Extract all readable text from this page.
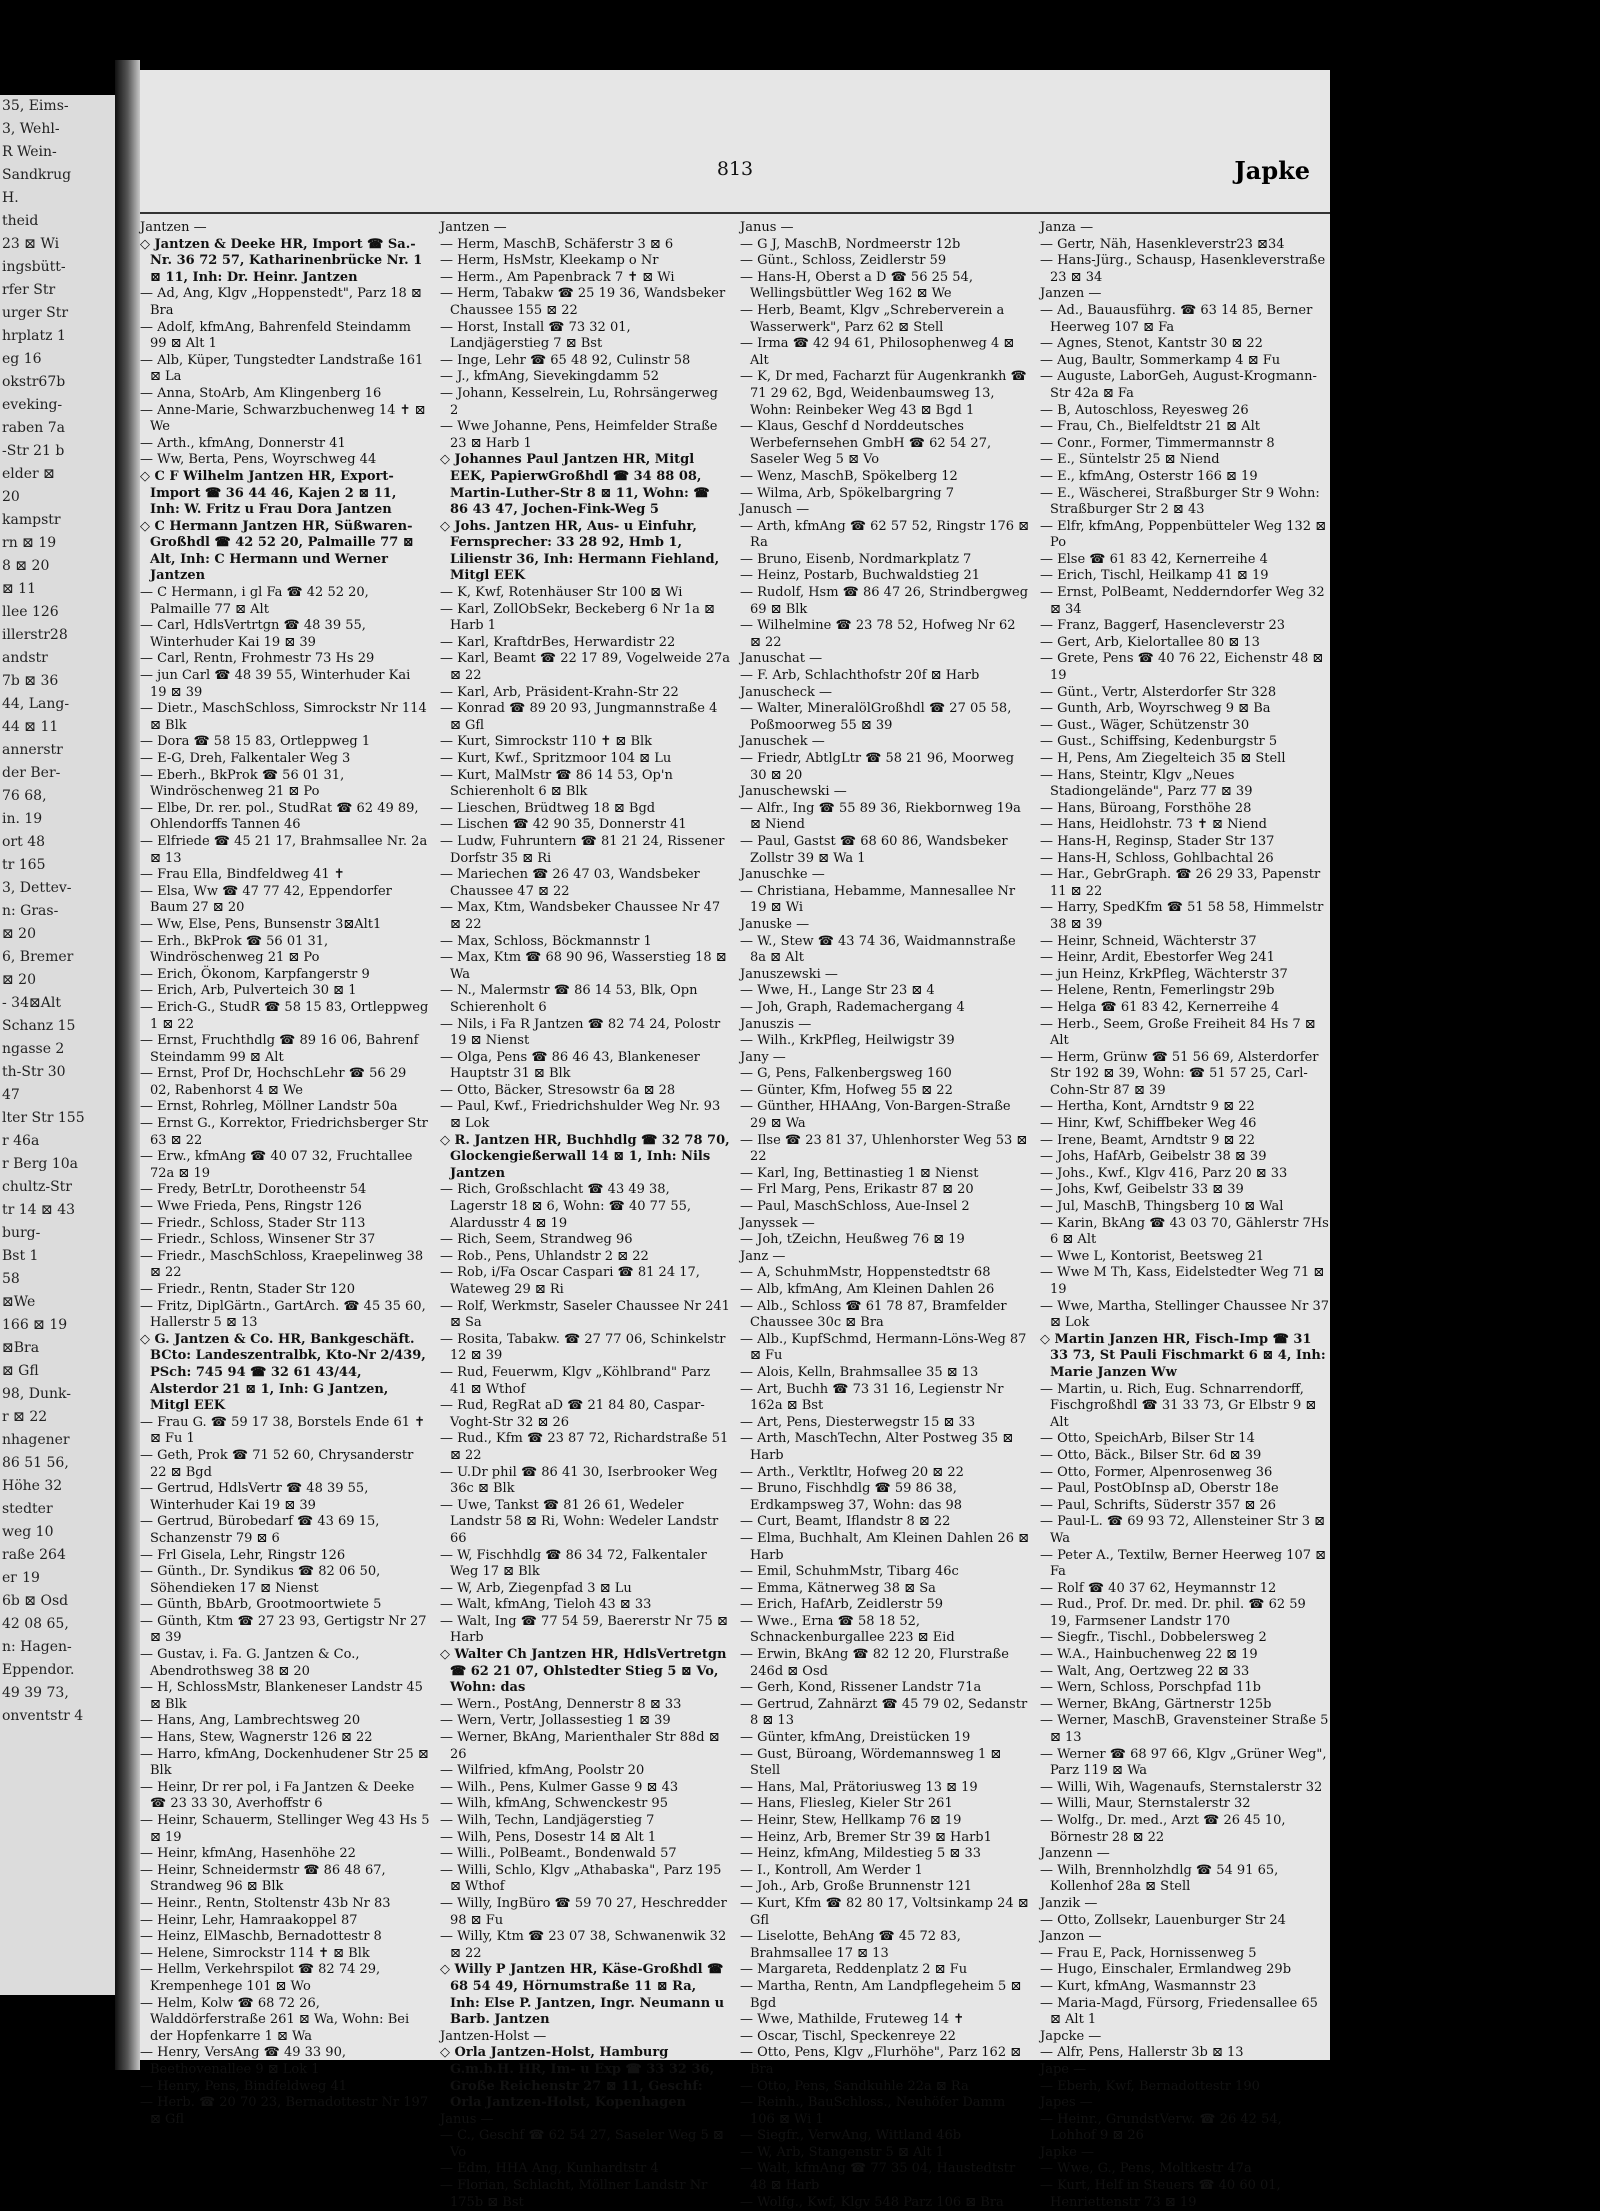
35, Eims-
3, Wehl-
R Wein-
Sandkrug
H.
theid
23 ⊠ Wi
ingsbütt-
rfer Str
urger Str
hrplatz 1
eg 16
okstr67b
eveking-
raben 7a
-Str 21 b
elder ⊠
20
kampstr
rn ⊠ 19
8 ⊠ 20
⊠ 11
llee 126
illerstr28
andstr
7b ⊠ 36
44, Lang-
44 ⊠ 11
annerstr
der Ber-
76 68,
in. 19
ort 48
tr 165
3, Dettev-
n: Gras-
⊠ 20
6, Bremer
⊠ 20
- 34⊠Alt
Schanz 15
ngasse 2
th-Str 30
47
lter Str 155
r 46a
r Berg 10a
chultz-Str
tr 14 ⊠ 43
burg-
Bst 1
58
⊠We
166 ⊠ 19
⊠Bra
⊠ Gfl
98, Dunk-
r ⊠ 22
nhagener
86 51 56,
Höhe 32
stedter
weg 10
raße 264
ег 19
6b ⊠ Osd
42 08 65,
n: Hagen-
Eppendor.
49 39 73,
onventstr 4
813	Japke
Jantzen —
◇ Jantzen & Deeke HR, Import ☎ Sa.-Nr. 36 72 57, Katharinenbrücke Nr. 1 ⊠ 11, Inh: Dr. Heinr. Jantzen
— Ad, Ang, Klgv „Hoppenstedt", Parz 18 ⊠ Bra
— Adolf, kfmAng, Bahrenfeld Steindamm 99 ⊠ Alt 1
— Alb, Küper, Tungstedter Landstraße 161 ⊠ La
— Anna, StoArb, Am Klingenberg 16
— Anne-Marie, Schwarzbuchenweg 14 ✝ ⊠ We
— Arth., kfmAng, Donnerstr 41
— Ww, Berta, Pens, Woyrschweg 44
◇ C F Wilhelm Jantzen HR, Export-Import ☎ 36 44 46, Kajen 2 ⊠ 11, Inh: W. Fritz u Frau Dora Jantzen
◇ C Hermann Jantzen HR, Süßwaren-Großhdl ☎ 42 52 20, Palmaille 77 ⊠ Alt, Inh: C Hermann und Werner Jantzen
— C Hermann, i gl Fa ☎ 42 52 20, Palmaille 77 ⊠ Alt
— Carl, HdlsVertrtgn ☎ 48 39 55, Winterhuder Kai 19 ⊠ 39
— Carl, Rentn, Frohmestr 73 Hs 29
— jun Carl ☎ 48 39 55, Winterhuder Kai 19 ⊠ 39
— Dietr., MaschSchloss, Simrockstr Nr 114 ⊠ Blk
— Dora ☎ 58 15 83, Ortleppweg 1
— E-G, Dreh, Falkentaler Weg 3
— Eberh., BkProk ☎ 56 01 31, Windröschenweg 21 ⊠ Po
— Elbe, Dr. rer. pol., StudRat ☎ 62 49 89, Ohlendorffs Tannen 46
— Elfriede ☎ 45 21 17, Brahmsallee Nr. 2a ⊠ 13
— Frau Ella, Bindfeldweg 41 ✝
— Elsa, Ww ☎ 47 77 42, Eppendorfer Baum 27 ⊠ 20
— Ww, Else, Pens, Bunsenstr 3⊠Alt1
— Erh., BkProk ☎ 56 01 31, Windröschenweg 21 ⊠ Po
— Erich, Ökonom, Karpfangerstr 9
— Erich, Arb, Pulverteich 30 ⊠ 1
— Erich-G., StudR ☎ 58 15 83, Ortleppweg 1 ⊠ 22
— Ernst, Fruchthdlg ☎ 89 16 06, Bahrenf Steindamm 99 ⊠ Alt
— Ernst, Prof Dr, HochschLehr ☎ 56 29 02, Rabenhorst 4 ⊠ We
— Ernst, Rohrleg, Möllner Landstr 50a
— Ernst G., Korrektor, Friedrichsberger Str 63 ⊠ 22
— Erw., kfmAng ☎ 40 07 32, Fruchtallee 72a ⊠ 19
— Fredy, BetrLtr, Dorotheenstr 54
— Wwe Frieda, Pens, Ringstr 126
— Friedr., Schloss, Stader Str 113
— Friedr., Schloss, Winsener Str 37
— Friedr., MaschSchloss, Kraepelinweg 38 ⊠ 22
— Friedr., Rentn, Stader Str 120
— Fritz, DiplGärtn., GartArch. ☎ 45 35 60, Hallerstr 5 ⊠ 13
◇ G. Jantzen & Co. HR, Bankgeschäft. BCto: Landeszentralbk, Kto-Nr 2/439, PSch: 745 94 ☎ 32 61 43/44, Alsterdor 21 ⊠ 1, Inh: G Jantzen, Mitgl EEK
— Frau G. ☎ 59 17 38, Borstels Ende 61 ✝ ⊠ Fu 1
— Geth, Prok ☎ 71 52 60, Chrysanderstr 22 ⊠ Bgd
— Gertrud, HdlsVertr ☎ 48 39 55, Winterhuder Kai 19 ⊠ 39
— Gertrud, Bürobedarf ☎ 43 69 15, Schanzenstr 79 ⊠ 6
— Frl Gisela, Lehr, Ringstr 126
— Günth., Dr. Syndikus ☎ 82 06 50, Söhendieken 17 ⊠ Nienst
— Günth, BbArb, Grootmoortwiete 5
— Günth, Ktm ☎ 27 23 93, Gertigstr Nr 27 ⊠ 39
— Gustav, i. Fa. G. Jantzen & Co., Abendrothsweg 38 ⊠ 20
— H, SchlossMstr, Blankeneser Landstr 45 ⊠ Blk
— Hans, Ang, Lambrechtsweg 20
— Hans, Stew, Wagnerstr 126 ⊠ 22
— Harro, kfmAng, Dockenhudener Str 25 ⊠ Blk
— Heinr, Dr rer pol, i Fa Jantzen & Deeke ☎ 23 33 30, Averhoffstr 6
— Heinr, Schauerm, Stellinger Weg 43 Hs 5 ⊠ 19
— Heinr, kfmAng, Hasenhöhe 22
— Heinr, Schneidermstr ☎ 86 48 67, Strandweg 96 ⊠ Blk
— Heinr., Rentn, Stoltenstr 43b Nr 83
— Heinr, Lehr, Hamraakoppel 87
— Heinz, ElMaschb, Bernadottestr 8
— Helene, Simrockstr 114 ✝ ⊠ Blk
— Hellm, Verkehrspilot ☎ 82 74 29, Krempenhege 101 ⊠ Wo
— Helm, Kolw ☎ 68 72 26, Walddörferstraße 261 ⊠ Wa, Wohn: Bei der Hopfenkarre 1 ⊠ Wa
— Henry, VersAng ☎ 49 33 90, Beethovenallee 9 ⊠ Lok 1
— Henry, Pens, Bindfeldweg 41
— Herb. ☎ 20 70 23, Bernadottestr Nr 197 ⊠ Gfl
Jantzen —
— Herm, MaschB, Schäferstr 3 ⊠ 6
— Herm, HsMstr, Kleekamp o Nr
— Herm., Am Papenbrack 7 ✝ ⊠ Wi
— Herm, Tabakw ☎ 25 19 36, Wandsbeker Chaussee 155 ⊠ 22
— Horst, Install ☎ 73 32 01, Landjägerstieg 7 ⊠ Bst
— Inge, Lehr ☎ 65 48 92, Culinstr 58
— J., kfmAng, Sievekingdamm 52
— Johann, Kesselrein, Lu, Rohrsängerweg 2
— Wwe Johanne, Pens, Heimfelder Straße 23 ⊠ Harb 1
◇ Johannes Paul Jantzen HR, Mitgl EEK, PapierwGroßhdl ☎ 34 88 08, Martin-Luther-Str 8 ⊠ 11, Wohn: ☎ 86 43 47, Jochen-Fink-Weg 5
◇ Johs. Jantzen HR, Aus- u Einfuhr, Fernsprecher: 33 28 92, Hmb 1, Lilienstr 36, Inh: Hermann Fiehland, Mitgl EEK
— K, Kwf, Rotenhäuser Str 100 ⊠ Wi
— Karl, ZollObSekr, Beckeberg 6 Nr 1a ⊠ Harb 1
— Karl, KraftdrBes, Herwardistr 22
— Karl, Beamt ☎ 22 17 89, Vogelweide 27a ⊠ 22
— Karl, Arb, Präsident-Krahn-Str 22
— Konrad ☎ 89 20 93, Jungmannstraße 4 ⊠ Gfl
— Kurt, Simrockstr 110 ✝ ⊠ Blk
— Kurt, Kwf., Spritzmoor 104 ⊠ Lu
— Kurt, MalMstr ☎ 86 14 53, Op'n Schierenholt 6 ⊠ Blk
— Lieschen, Brüdtweg 18 ⊠ Bgd
— Lischen ☎ 42 90 35, Donnerstr 41
— Ludw, Fuhruntern ☎ 81 21 24, Rissener Dorfstr 35 ⊠ Ri
— Mariechen ☎ 26 47 03, Wandsbeker Chaussee 47 ⊠ 22
— Max, Ktm, Wandsbeker Chaussee Nr 47 ⊠ 22
— Max, Schloss, Böckmannstr 1
— Max, Ktm ☎ 68 90 96, Wasserstieg 18 ⊠ Wa
— N., Malermstr ☎ 86 14 53, Blk, Opn Schierenholt 6
— Nils, i Fa R Jantzen ☎ 82 74 24, Polostr 19 ⊠ Nienst
— Olga, Pens ☎ 86 46 43, Blankeneser Hauptstr 31 ⊠ Blk
— Otto, Bäcker, Stresowstr 6a ⊠ 28
— Paul, Kwf., Friedrichshulder Weg Nr. 93 ⊠ Lok
◇ R. Jantzen HR, Buchhdlg ☎ 32 78 70, Glockengießerwall 14 ⊠ 1, Inh: Nils Jantzen
— Rich, Großschlacht ☎ 43 49 38, Lagerstr 18 ⊠ 6, Wohn: ☎ 40 77 55, Alardusstr 4 ⊠ 19
— Rich, Seem, Strandweg 96
— Rob., Pens, Uhlandstr 2 ⊠ 22
— Rob, i/Fa Oscar Caspari ☎ 81 24 17, Wateweg 29 ⊠ Ri
— Rolf, Werkmstr, Saseler Chaussee Nr 241 ⊠ Sa
— Rosita, Tabakw. ☎ 27 77 06, Schinkelstr 12 ⊠ 39
— Rud, Feuerwm, Klgv „Köhlbrand" Parz 41 ⊠ Wthof
— Rud, RegRat aD ☎ 21 84 80, Caspar-Voght-Str 32 ⊠ 26
— Rud., Kfm ☎ 23 87 72, Richardstraße 51 ⊠ 22
— U.Dr phil ☎ 86 41 30, Iserbrooker Weg 36c ⊠ Blk
— Uwe, Tankst ☎ 81 26 61, Wedeler Landstr 58 ⊠ Ri, Wohn: Wedeler Landstr 66
— W, Fischhdlg ☎ 86 34 72, Falkentaler Weg 17 ⊠ Blk
— W, Arb, Ziegenpfad 3 ⊠ Lu
— Walt, kfmAng, Tieloh 43 ⊠ 33
— Walt, Ing ☎ 77 54 59, Baererstr Nr 75 ⊠ Harb
◇ Walter Ch Jantzen HR, HdlsVertretgn ☎ 62 21 07, Ohlstedter Stieg 5 ⊠ Vo, Wohn: das
— Wern., PostAng, Dennerstr 8 ⊠ 33
— Wern, Vertr, Jollassestieg 1 ⊠ 39
— Werner, BkAng, Marienthaler Str 88d ⊠ 26
— Wilfried, kfmAng, Poolstr 20
— Wilh., Pens, Kulmer Gasse 9 ⊠ 43
— Wilh, kfmAng, Schwenckestr 95
— Wilh, Techn, Landjägerstieg 7
— Wilh, Pens, Dosestr 14 ⊠ Alt 1
— Willi., PolBeamt., Bondenwald 57
— Willi, Schlo, Klgv „Athabaska", Parz 195 ⊠ Wthof
— Willy, IngBüro ☎ 59 70 27, Heschredder 98 ⊠ Fu
— Willy, Ktm ☎ 23 07 38, Schwanenwik 32 ⊠ 22
◇ Willy P Jantzen HR, Käse-Großhdl ☎ 68 54 49, Hörnumstraße 11 ⊠ Ra, Inh: Else P. Jantzen, Ingr. Neumann u Barb. Jantzen
Jantzen-Holst —
◇ Orla Jantzen-Holst, Hamburg G.m.b.H. HR, Im- u Exp ☎ 33 32 36, Große Reichenstr 27 ⊠ 11, Geschf: Orla Jantzen-Holst, Kopenhagen
Janus —
— C., Geschf ☎ 62 54 27, Saseler Weg 5 ⊠ Vo
— Edm, HHA Ang, Kunhardtstr 4
— Florian, Schlacht, Möllner Landstr Nr 175b ⊠ Bst
Janus —
— G J, MaschB, Nordmeerstr 12b
— Günt., Schloss, Zeidlerstr 59
— Hans-H, Oberst a D ☎ 56 25 54, Wellingsbüttler Weg 162 ⊠ We
— Herb, Beamt, Klgv „Schreberverein a Wasserwerk", Parz 62 ⊠ Stell
— Irma ☎ 42 94 61, Philosophenweg 4 ⊠ Alt
— K, Dr med, Facharzt für Augenkrankh ☎ 71 29 62, Bgd, Weidenbaumsweg 13, Wohn: Reinbeker Weg 43 ⊠ Bgd 1
— Klaus, Geschf d Norddeutsches Werbefernsehen GmbH ☎ 62 54 27, Saseler Weg 5 ⊠ Vo
— Wenz, MaschB, Spökelberg 12
— Wilma, Arb, Spökelbargring 7
Janusch —
— Arth, kfmAng ☎ 62 57 52, Ringstr 176 ⊠ Ra
— Bruno, Eisenb, Nordmarkplatz 7
— Heinz, Postarb, Buchwaldstieg 21
— Rudolf, Hsm ☎ 86 47 26, Strindbergweg 69 ⊠ Blk
— Wilhelmine ☎ 23 78 52, Hofweg Nr 62 ⊠ 22
Januschat —
— F. Arb, Schlachthofstr 20f ⊠ Harb
Januscheck —
— Walter, MineralölGroßhdl ☎ 27 05 58, Poßmoorweg 55 ⊠ 39
Januschek —
— Friedr, AbtlgLtr ☎ 58 21 96, Moorweg 30 ⊠ 20
Januschewski —
— Alfr., Ing ☎ 55 89 36, Riekbornweg 19a ⊠ Niend
— Paul, Gastst ☎ 68 60 86, Wandsbeker Zollstr 39 ⊠ Wa 1
Januschke —
— Christiana, Hebamme, Mannesallee Nr 19 ⊠ Wi
Januske —
— W., Stew ☎ 43 74 36, Waidmannstraße 8a ⊠ Alt
Januszewski —
— Wwe, H., Lange Str 23 ⊠ 4
— Joh, Graph, Rademachergang 4
Januszis —
— Wilh., KrkPfleg, Heilwigstr 39
Jany —
— G, Pens, Falkenbergsweg 160
— Günter, Kfm, Hofweg 55 ⊠ 22
— Günther, HHAAng, Von-Bargen-Straße 29 ⊠ Wa
— Ilse ☎ 23 81 37, Uhlenhorster Weg 53 ⊠ 22
— Karl, Ing, Bettinastieg 1 ⊠ Nienst
— Frl Marg, Pens, Erikastr 87 ⊠ 20
— Paul, MaschSchloss, Aue-Insel 2
Janyssek —
— Joh, tZeichn, Heußweg 76 ⊠ 19
Janz —
— A, SchuhmMstr, Hoppenstedtstr 68
— Alb, kfmAng, Am Kleinen Dahlen 26
— Alb., Schloss ☎ 61 78 87, Bramfelder Chaussee 30c ⊠ Bra
— Alb., KupfSchmd, Hermann-Löns-Weg 87 ⊠ Fu
— Alois, Kelln, Brahmsallee 35 ⊠ 13
— Art, Buchh ☎ 73 31 16, Legienstr Nr 162a ⊠ Bst
— Art, Pens, Diesterwegstr 15 ⊠ 33
— Arth, MaschTechn, Alter Postweg 35 ⊠ Harb
— Arth., Verktltr, Hofweg 20 ⊠ 22
— Bruno, Fischhdlg ☎ 59 86 38, Erdkampsweg 37, Wohn: das 98
— Curt, Beamt, Iflandstr 8 ⊠ 22
— Elma, Buchhalt, Am Kleinen Dahlen 26 ⊠ Harb
— Emil, SchuhmMstr, Tibarg 46c
— Emma, Kätnerweg 38 ⊠ Sa
— Erich, HafArb, Zeidlerstr 59
— Wwe., Erna ☎ 58 18 52, Schnackenburgallee 223 ⊠ Eid
— Erwin, BkAng ☎ 82 12 20, Flurstraße 246d ⊠ Osd
— Gerh, Kond, Rissener Landstr 71a
— Gertrud, Zahnärzt ☎ 45 79 02, Sedanstr 8 ⊠ 13
— Günter, kfmAng, Dreistücken 19
— Gust, Büroang, Wördemannsweg 1 ⊠ Stell
— Hans, Mal, Prätoriusweg 13 ⊠ 19
— Hans, Fliesleg, Kieler Str 261
— Heinr, Stew, Hellkamp 76 ⊠ 19
— Heinz, Arb, Bremer Str 39 ⊠ Harb1
— Heinz, kfmAng, Mildestieg 5 ⊠ 33
— I., Kontroll, Am Werder 1
— Joh., Arb, Große Brunnenstr 121
— Kurt, Kfm ☎ 82 80 17, Voltsinkamp 24 ⊠ Gfl
— Liselotte, BehAng ☎ 45 72 83, Brahmsallee 17 ⊠ 13
— Margareta, Reddenplatz 2 ⊠ Fu
— Martha, Rentn, Am Landpflegeheim 5 ⊠ Bgd
— Wwe, Mathilde, Fruteweg 14 ✝
— Oscar, Tischl, Speckenreye 22
— Otto, Pens, Klgv „Flurhöhe", Parz 162 ⊠ Bra
— Otto, Pens, Sandkuhle 22a ⊠ Ra
— Reinh., BauSchloss., Neuhöfer Damm 106 ⊠ Wi 1
— Siegfr., VerwAng, Wittland 46b
— W, Arb, Stangenstr 5 ⊠ Alt 1
— Walt, kfmAng ☎ 77 35 04, Haustedtstr 48 ⊠ Harb
— Wolfg., Kwf, Klgv 548 Parz 106 ⊠ Bra
Janza —
— Gertr, Näh, Hasenkleverstr23 ⊠34
— Hans-Jürg., Schausp, Hasenkleverstraße 23 ⊠ 34
Janzen —
— Ad., Bauausführg. ☎ 63 14 85, Berner Heerweg 107 ⊠ Fa
— Agnes, Stenot, Kantstr 30 ⊠ 22
— Aug, Baultr, Sommerkamp 4 ⊠ Fu
— Auguste, LaborGeh, August-Krogmann-Str 42a ⊠ Fa
— B, Autoschloss, Reyesweg 26
— Frau, Ch., Bielfeldtstr 21 ⊠ Alt
— Conr., Former, Timmermannstr 8
— E., Süntelstr 25 ⊠ Niend
— E., kfmAng, Osterstr 166 ⊠ 19
— E., Wäscherei, Straßburger Str 9 Wohn: Straßburger Str 2 ⊠ 43
— Elfr, kfmAng, Poppenbütteler Weg 132 ⊠ Po
— Else ☎ 61 83 42, Kernerreihe 4
— Erich, Tischl, Heilkamp 41 ⊠ 19
— Ernst, PolBeamt, Nedderndorfer Weg 32 ⊠ 34
— Franz, Baggerf, Hasencleverstr 23
— Gert, Arb, Kielortallee 80 ⊠ 13
— Grete, Pens ☎ 40 76 22, Eichenstr 48 ⊠ 19
— Günt., Vertr, Alsterdorfer Str 328
— Gunth, Arb, Woyrschweg 9 ⊠ Ba
— Gust., Wäger, Schützenstr 30
— Gust., Schiffsing, Kedenburgstr 5
— H, Pens, Am Ziegelteich 35 ⊠ Stell
— Hans, Steintr, Klgv „Neues Stadiongelände", Parz 77 ⊠ 39
— Hans, Büroang, Forsthöhe 28
— Hans, Heidlohstr. 73 ✝ ⊠ Niend
— Hans-H, Reginsp, Stader Str 137
— Hans-H, Schloss, Gohlbachtal 26
— Har., GebrGraph. ☎ 26 29 33, Papenstr 11 ⊠ 22
— Harry, SpedKfm ☎ 51 58 58, Himmelstr 38 ⊠ 39
— Heinr, Schneid, Wächterstr 37
— Heinr, Ardit, Ebestorfer Weg 241
— jun Heinz, KrkPfleg, Wächterstr 37
— Helene, Rentn, Femerlingstr 29b
— Helga ☎ 61 83 42, Kernerreihe 4
— Herb., Seem, Große Freiheit 84 Hs 7 ⊠ Alt
— Herm, Grünw ☎ 51 56 69, Alsterdorfer Str 192 ⊠ 39, Wohn: ☎ 51 57 25, Carl-Cohn-Str 87 ⊠ 39
— Hertha, Kont, Arndtstr 9 ⊠ 22
— Hinr, Kwf, Schiffbeker Weg 46
— Irene, Beamt, Arndtstr 9 ⊠ 22
— Johs, HafArb, Geibelstr 38 ⊠ 39
— Johs., Kwf., Klgv 416, Parz 20 ⊠ 33
— Johs, Kwf, Geibelstr 33 ⊠ 39
— Jul, MaschB, Thingsberg 10 ⊠ Wal
— Karin, BkAng ☎ 43 03 70, Gählerstr 7Hs 6 ⊠ Alt
— Wwe L, Kontorist, Beetsweg 21
— Wwe M Th, Kass, Eidelstedter Weg 71 ⊠ 19
— Wwe, Martha, Stellinger Chaussee Nr 37 ⊠ Lok
◇ Martin Janzen HR, Fisch-Imp ☎ 31 33 73, St Pauli Fischmarkt 6 ⊠ 4, Inh: Marie Janzen Ww
— Martin, u. Rich, Eug. Schnarrendorff, Fischgroßhdl ☎ 31 33 73, Gr Elbstr 9 ⊠ Alt
— Otto, SpeichArb, Bilser Str 14
— Otto, Bäck., Bilser Str. 6d ⊠ 39
— Otto, Former, Alpenrosenweg 36
— Paul, PostObInsp aD, Oberstr 18e
— Paul, Schrifts, Süderstr 357 ⊠ 26
— Paul-L. ☎ 69 93 72, Allensteiner Str 3 ⊠ Wa
— Peter A., Textilw, Berner Heerweg 107 ⊠ Fa
— Rolf ☎ 40 37 62, Heymannstr 12
— Rud., Prof. Dr. med. Dr. phil. ☎ 62 59 19, Farmsener Landstr 170
— Siegfr., Tischl., Dobbelersweg 2
— W.A., Hainbuchenweg 22 ⊠ 19
— Walt, Ang, Oertzweg 22 ⊠ 33
— Wern, Schloss, Porschpfad 11b
— Werner, BkAng, Gärtnerstr 125b
— Werner, MaschB, Gravensteiner Straße 5 ⊠ 13
— Werner ☎ 68 97 66, Klgv „Grüner Weg", Parz 119 ⊠ Wa
— Willi, Wih, Wagenaufs, Sternstalerstr 32
— Willi, Maur, Sternstalerstr 32
— Wolfg., Dr. med., Arzt ☎ 26 45 10, Börnestr 28 ⊠ 22
Janzenn —
— Wilh, Brennholzhdlg ☎ 54 91 65, Kollenhof 28a ⊠ Stell
Janzik —
— Otto, Zollsekr, Lauenburger Str 24
Janzon —
— Frau E, Pack, Hornissenweg 5
— Hugo, Einschaler, Ermlandweg 29b
— Kurt, kfmAng, Wasmannstr 23
— Maria-Magd, Fürsorg, Friedensallee 65 ⊠ Alt 1
Japcke —
— Alfr, Pens, Hallerstr 3b ⊠ 13
Jape —
— Eberh, Kwf, Bernadottestr 190
Japes —
— Heinr., GrundstVerw. ☎ 26 42 54, Lohhof 9 ⊠ 26
Japke —
— Wwe, G., Pens, Moltkestr 47a
— Kurt, Helf in Steuers ☎ 40 60 01, Henriettenstr 73 ⊠ 19
